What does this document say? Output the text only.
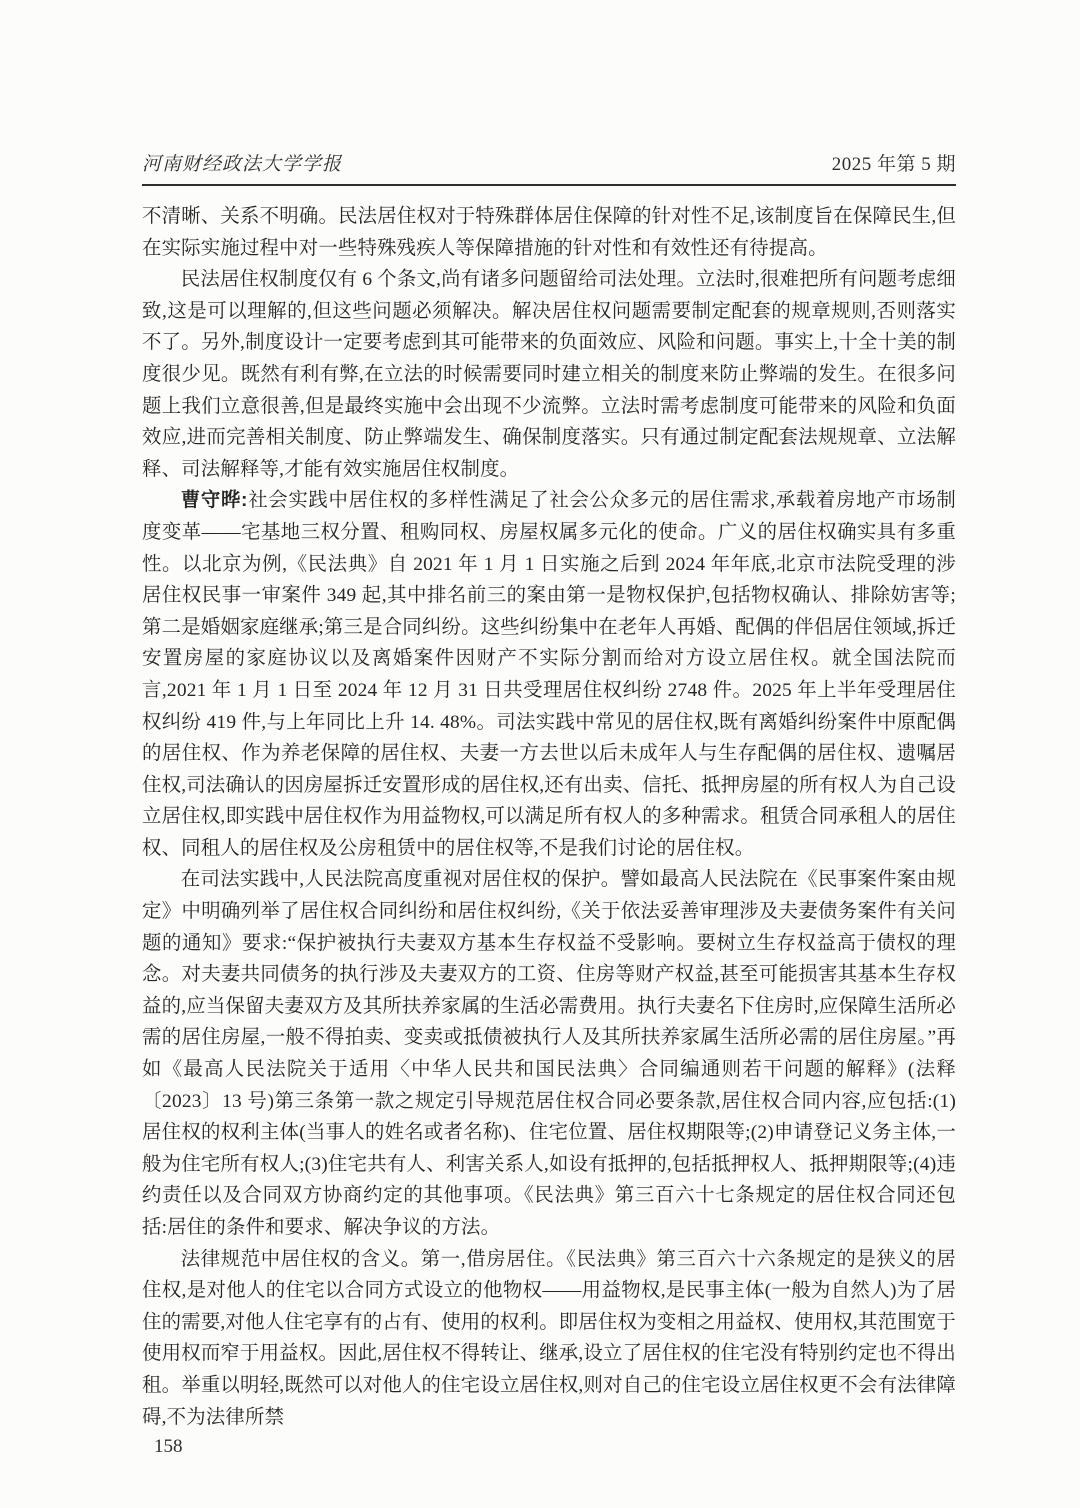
河南财经政法大学学报	2025 年第 5 期

不清晰、关系不明确。民法居住权对于特殊群体居住保障的针对性不足,该制度旨在保障民生,但在实际实施过程中对一些特殊残疾人等保障措施的针对性和有效性还有待提高。

民法居住权制度仅有 6 个条文,尚有诸多问题留给司法处理。立法时,很难把所有问题考虑细致,这是可以理解的,但这些问题必须解决。解决居住权问题需要制定配套的规章规则,否则落实不了。另外,制度设计一定要考虑到其可能带来的负面效应、风险和问题。事实上,十全十美的制度很少见。既然有利有弊,在立法的时候需要同时建立相关的制度来防止弊端的发生。在很多问题上我们立意很善,但是最终实施中会出现不少流弊。立法时需考虑制度可能带来的风险和负面效应,进而完善相关制度、防止弊端发生、确保制度落实。只有通过制定配套法规规章、立法解释、司法解释等,才能有效实施居住权制度。

曹守晔:社会实践中居住权的多样性满足了社会公众多元的居住需求,承载着房地产市场制度变革——宅基地三权分置、租购同权、房屋权属多元化的使命。广义的居住权确实具有多重性。以北京为例,《民法典》自 2021 年 1 月 1 日实施之后到 2024 年年底,北京市法院受理的涉居住权民事一审案件 349 起,其中排名前三的案由第一是物权保护,包括物权确认、排除妨害等;第二是婚姻家庭继承;第三是合同纠纷。这些纠纷集中在老年人再婚、配偶的伴侣居住领域,拆迁安置房屋的家庭协议以及离婚案件因财产不实际分割而给对方设立居住权。就全国法院而言,2021 年 1 月 1 日至 2024 年 12 月 31 日共受理居住权纠纷 2748 件。2025 年上半年受理居住权纠纷 419 件,与上年同比上升 14. 48%。司法实践中常见的居住权,既有离婚纠纷案件中原配偶的居住权、作为养老保障的居住权、夫妻一方去世以后未成年人与生存配偶的居住权、遗嘱居住权,司法确认的因房屋拆迁安置形成的居住权,还有出卖、信托、抵押房屋的所有权人为自己设立居住权,即实践中居住权作为用益物权,可以满足所有权人的多种需求。租赁合同承租人的居住权、同租人的居住权及公房租赁中的居住权等,不是我们讨论的居住权。

在司法实践中,人民法院高度重视对居住权的保护。譬如最高人民法院在《民事案件案由规定》中明确列举了居住权合同纠纷和居住权纠纷,《关于依法妥善审理涉及夫妻债务案件有关问题的通知》要求:“保护被执行夫妻双方基本生存权益不受影响。要树立生存权益高于债权的理念。对夫妻共同债务的执行涉及夫妻双方的工资、住房等财产权益,甚至可能损害其基本生存权益的,应当保留夫妻双方及其所扶养家属的生活必需费用。执行夫妻名下住房时,应保障生活所必需的居住房屋,一般不得拍卖、变卖或抵债被执行人及其所扶养家属生活所必需的居住房屋。”再如《最高人民法院关于适用〈中华人民共和国民法典〉合同编通则若干问题的解释》(法释〔2023〕13 号)第三条第一款之规定引导规范居住权合同必要条款,居住权合同内容,应包括:(1)居住权的权利主体(当事人的姓名或者名称)、住宅位置、居住权期限等;(2)申请登记义务主体,一般为住宅所有权人;(3)住宅共有人、利害关系人,如设有抵押的,包括抵押权人、抵押期限等;(4)违约责任以及合同双方协商约定的其他事项。《民法典》第三百六十七条规定的居住权合同还包括:居住的条件和要求、解决争议的方法。

法律规范中居住权的含义。第一,借房居住。《民法典》第三百六十六条规定的是狭义的居住权,是对他人的住宅以合同方式设立的他物权——用益物权,是民事主体(一般为自然人)为了居住的需要,对他人住宅享有的占有、使用的权利。即居住权为变相之用益权、使用权,其范围宽于使用权而窄于用益权。因此,居住权不得转让、继承,设立了居住权的住宅没有特别约定也不得出租。举重以明轻,既然可以对他人的住宅设立居住权,则对自己的住宅设立居住权更不会有法律障碍,不为法律所禁

158
